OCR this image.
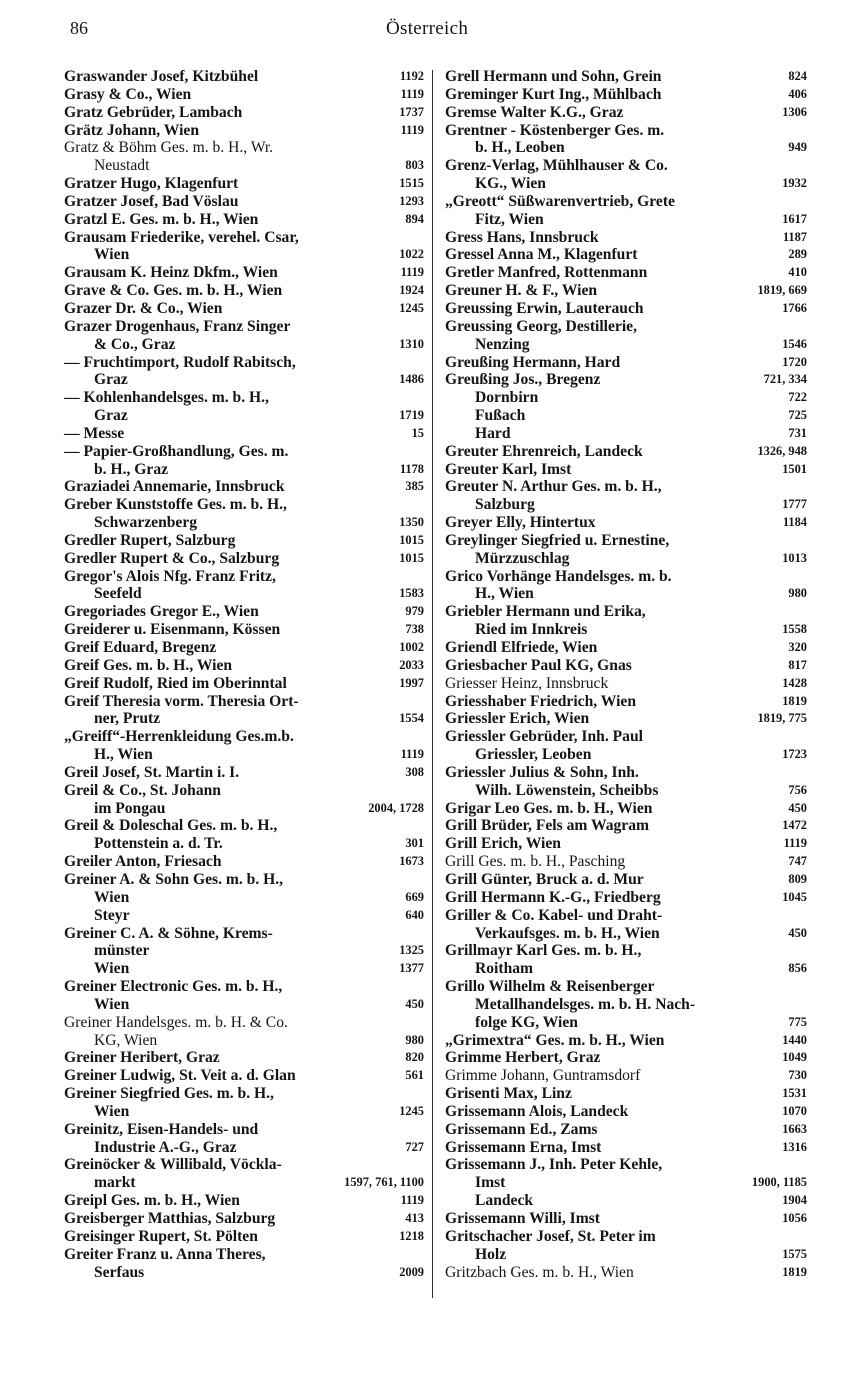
86	Österreich
Graswander Josef, Kitzbühel	1192
Grasy & Co., Wien	1119
Gratz Gebrüder, Lambach	1737
Grätz Johann, Wien	1119
Gratz & Böhm Ges. m. b. H., Wr.
Neustadt	803
Gratzer Hugo, Klagenfurt	1515
Gratzer Josef, Bad Vöslau	1293
Gratzl E. Ges. m. b. H., Wien	894
Grausam Friederike, verehel. Csar,
Wien	1022
Grausam K. Heinz Dkfm., Wien	1119
Grave & Co. Ges. m. b. H., Wien	1924
Grazer Dr. & Co., Wien	1245
Grazer Drogenhaus, Franz Singer
& Co., Graz	1310
— Fruchtimport, Rudolf Rabitsch,
Graz	1486
— Kohlenhandelsges. m. b. H.,
Graz	1719
— Messe	15
— Papier-Großhandlung, Ges. m.
b. H., Graz	1178
Graziadei Annemarie, Innsbruck	385
Greber Kunststoffe Ges. m. b. H.,
Schwarzenberg	1350
Gredler Rupert, Salzburg	1015
Gredler Rupert & Co., Salzburg	1015
Gregor's Alois Nfg. Franz Fritz,
Seefeld	1583
Gregoriades Gregor E., Wien	979
Greiderer u. Eisenmann, Kössen	738
Greif Eduard, Bregenz	1002
Greif Ges. m. b. H., Wien	2033
Greif Rudolf, Ried im Oberinntal	1997
Greif Theresia vorm. Theresia Ort-
ner, Prutz	1554
„Greiff“-Herrenkleidung Ges.m.b.
H., Wien	1119
Greil Josef, St. Martin i. I.	308
Greil & Co., St. Johann
im Pongau	2004, 1728
Greil & Doleschal Ges. m. b. H.,
Pottenstein a. d. Tr.	301
Greiler Anton, Friesach	1673
Greiner A. & Sohn Ges. m. b. H.,
Wien	669
Steyr	640
Greiner C. A. & Söhne, Krems-
münster	1325
Wien	1377
Greiner Electronic Ges. m. b. H.,
Wien	450
Greiner Handelsges. m. b. H. & Co.
KG, Wien	980
Greiner Heribert, Graz	820
Greiner Ludwig, St. Veit a. d. Glan	561
Greiner Siegfried Ges. m. b. H.,
Wien	1245
Greinitz, Eisen-Handels- und
Industrie A.-G., Graz	727
Greinöcker & Willibald, Vöckla-
markt	1597, 761, 1100
Greipl Ges. m. b. H., Wien	1119
Greisberger Matthias, Salzburg	413
Greisinger Rupert, St. Pölten	1218
Greiter Franz u. Anna Theres,
Serfaus	2009
Grell Hermann und Sohn, Grein	824
Greminger Kurt Ing., Mühlbach	406
Gremse Walter K.G., Graz	1306
Grentner - Köstenberger Ges. m.
b. H., Leoben	949
Grenz-Verlag, Mühlhauser & Co.
KG., Wien	1932
„Greott“ Süßwarenvertrieb, Grete
Fitz, Wien	1617
Gress Hans, Innsbruck	1187
Gressel Anna M., Klagenfurt	289
Gretler Manfred, Rottenmann	410
Greuner H. & F., Wien	1819, 669
Greussing Erwin, Lauterauch	1766
Greussing Georg, Destillerie,
Nenzing	1546
Greußing Hermann, Hard	1720
Greußing Jos., Bregenz	721, 334
Dornbirn	722
Fußach	725
Hard	731
Greuter Ehrenreich, Landeck	1326, 948
Greuter Karl, Imst	1501
Greuter N. Arthur Ges. m. b. H.,
Salzburg	1777
Greyer Elly, Hintertux	1184
Greylinger Siegfried u. Ernestine,
Mürzzuschlag	1013
Grico Vorhänge Handelsges. m. b.
H., Wien	980
Griebler Hermann und Erika,
Ried im Innkreis	1558
Griendl Elfriede, Wien	320
Griesbacher Paul KG, Gnas	817
Griesser Heinz, Innsbruck	1428
Griesshaber Friedrich, Wien	1819
Griessler Erich, Wien	1819, 775
Griessler Gebrüder, Inh. Paul
Griessler, Leoben	1723
Griessler Julius & Sohn, Inh.
Wilh. Löwenstein, Scheibbs	756
Grigar Leo Ges. m. b. H., Wien	450
Grill Brüder, Fels am Wagram	1472
Grill Erich, Wien	1119
Grill Ges. m. b. H., Pasching	747
Grill Günter, Bruck a. d. Mur	809
Grill Hermann K.-G., Friedberg	1045
Griller & Co. Kabel- und Draht-
Verkaufsges. m. b. H., Wien	450
Grillmayr Karl Ges. m. b. H.,
Roitham	856
Grillo Wilhelm & Reisenberger
Metallhandelsges. m. b. H. Nach-
folge KG, Wien	775
„Grimextra“ Ges. m. b. H., Wien	1440
Grimme Herbert, Graz	1049
Grimme Johann, Guntramsdorf	730
Grisenti Max, Linz	1531
Grissemann Alois, Landeck	1070
Grissemann Ed., Zams	1663
Grissemann Erna, Imst	1316
Grissemann J., Inh. Peter Kehle,
Imst	1900, 1185
Landeck	1904
Grissemann Willi, Imst	1056
Gritschacher Josef, St. Peter im
Holz	1575
Gritzbach Ges. m. b. H., Wien	1819
